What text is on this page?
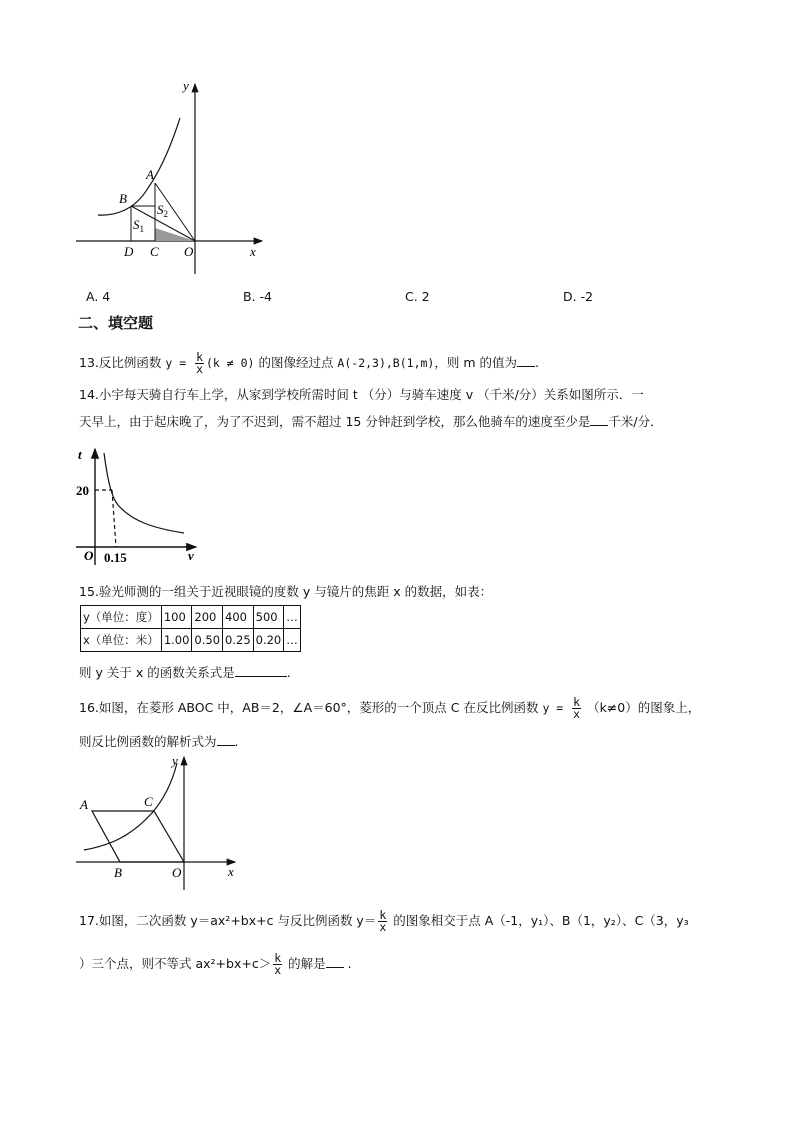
y
x
A
B
D C O
$S_1$
$S_2$
A. 4	B. -4	C. 2	D. -2
二、填空题
13.反比例函数 $y = \frac{k}{x} (k \ne 0)$ 的图像经过点 A(-2,3),B(1,m)，则 m 的值为 .
14.小宇每天骑自行车上学，从家到学校所需时间 t （分）与骑车速度 v （千米/分）关系如图所示．一
天早上，由于起床晚了，为了不迟到，需不超过 15 分钟赶到学校，那么他骑车的速度至少是 千米/分．
t
20
O 0.15	v
15.验光师测的一组关于近视眼镜的度数 y 与镜片的焦距 x 的数据，如表：
y（单位：度）	100	200	400	500	…
x（单位：米）	1.00	0.50	0.25	0.20	…
则 y 关于 x 的函数关系式是	.
16.如图，在菱形 ABOC 中，AB＝2，∠A＝60°，菱形的一个顶点 C 在反比例函数 $y = \frac{k}{x} (k\ne 0)$的图象上，
则反比例函数的解析式为 .
y
x
A	C
B	O
17.如图，二次函数 y＝ax²+bx+c 与反比例函数 $y= \frac{k}{x}$ 的图象相交于点 A（-1，y₁）、B（1，y₂）、C（3，y₃
）三个点，则不等式 $ax^2+bx+c> \frac{k}{x}$ 的解是 .
